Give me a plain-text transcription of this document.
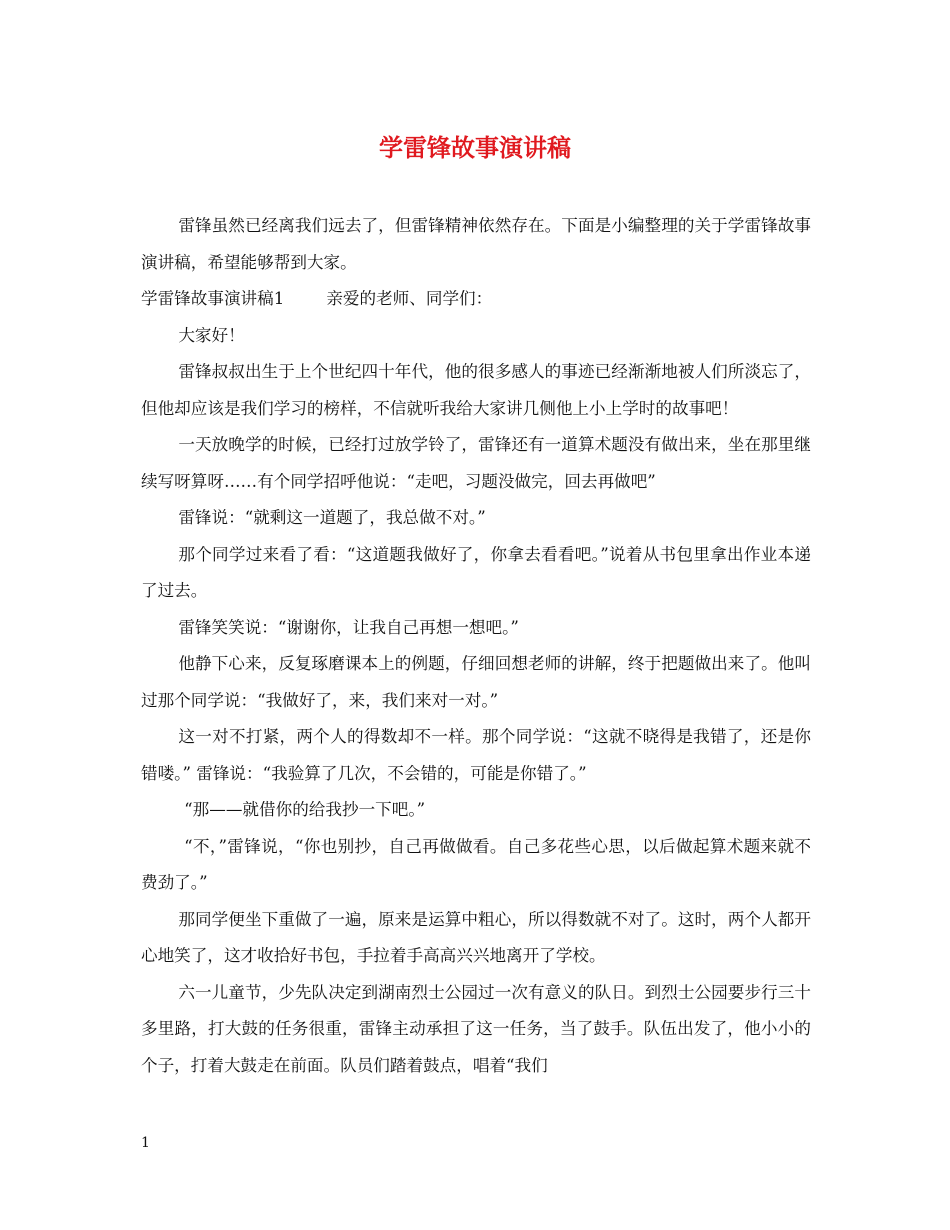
学雷锋故事演讲稿

雷锋虽然已经离我们远去了，但雷锋精神依然存在。下面是小编整理的关于学雷锋故事演讲稿，希望能够帮到大家。

学雷锋故事演讲稿1	亲爱的老师、同学们：

大家好！

雷锋叔叔出生于上个世纪四十年代，他的很多感人的事迹已经渐渐地被人们所淡忘了，但他却应该是我们学习的榜样，不信就听我给大家讲几侧他上小上学时的故事吧！

一天放晚学的时候，已经打过放学铃了，雷锋还有一道算术题没有做出来，坐在那里继续写呀算呀……有个同学招呼他说：“走吧，习题没做完，回去再做吧”

雷锋说：“就剩这一道题了，我总做不对。”

那个同学过来看了看：“这道题我做好了，你拿去看看吧。”说着从书包里拿出作业本递了过去。

雷锋笑笑说：“谢谢你，让我自己再想一想吧。”

他静下心来，反复琢磨课本上的例题，仔细回想老师的讲解，终于把题做出来了。他叫过那个同学说：“我做好了，来，我们来对一对。”

这一对不打紧，两个人的得数却不一样。那个同学说：“这就不晓得是我错了，还是你错喽。” 雷锋说：“我验算了几次，不会错的，可能是你错了。”

“那——就借你的给我抄一下吧。”

“不，”雷锋说，“你也别抄，自己再做做看。自己多花些心思，以后做起算术题来就不费劲了。”

那同学便坐下重做了一遍，原来是运算中粗心，所以得数就不对了。这时，两个人都开心地笑了，这才收拾好书包，手拉着手高高兴兴地离开了学校。

六一儿童节，少先队决定到湖南烈士公园过一次有意义的队日。到烈士公园要步行三十多里路，打大鼓的任务很重，雷锋主动承担了这一任务，当了鼓手。队伍出发了，他小小的个子，打着大鼓走在前面。队员们踏着鼓点，唱着“我们

1
